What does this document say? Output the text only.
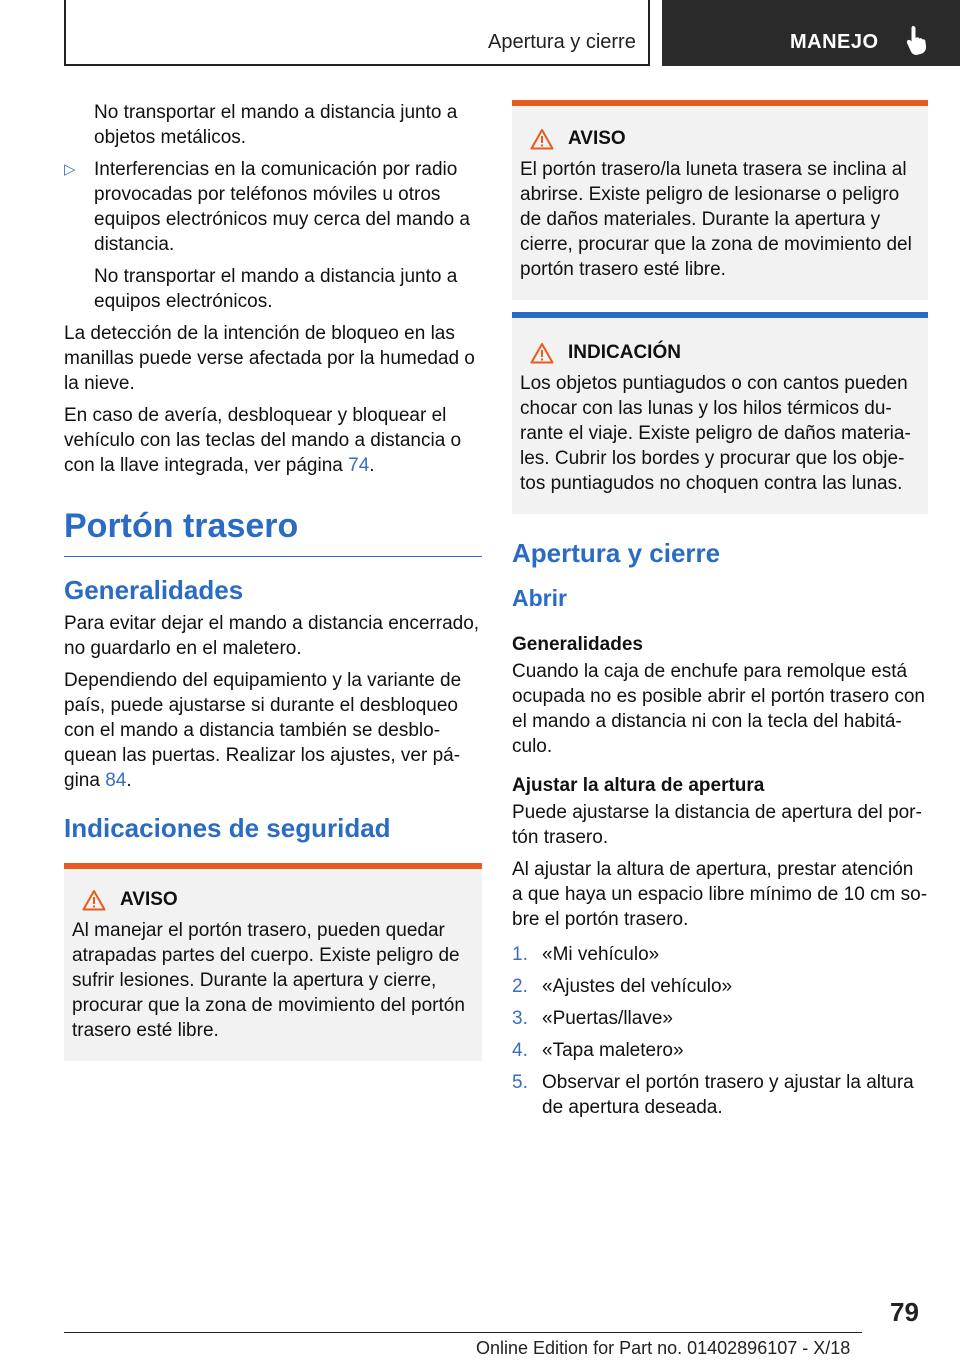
Apertura y cierre	MANEJO

No transportar el mando a distancia junto a objetos metálicos.

▷ Interferencias en la comunicación por radio provocadas por teléfonos móviles u otros equipos electrónicos muy cerca del mando a distancia.

No transportar el mando a distancia junto a equipos electrónicos.

La detección de la intención de bloqueo en las manillas puede verse afectada por la humedad o la nieve.

En caso de avería, desbloquear y bloquear el vehículo con las teclas del mando a distancia o con la llave integrada, ver página 74.

Portón trasero
Generalidades

Para evitar dejar el mando a distancia encerrado, no guardarlo en el maletero.

Dependiendo del equipamiento y la variante de país, puede ajustarse si durante el desbloqueo con el mando a distancia también se desbloquean las puertas. Realizar los ajustes, ver página 84.

Indicaciones de seguridad
AVISO

Al manejar el portón trasero, pueden quedar atrapadas partes del cuerpo. Existe peligro de sufrir lesiones. Durante la apertura y cierre, procurar que la zona de movimiento del portón trasero esté libre.

AVISO

El portón trasero/la luneta trasera se inclina al abrirse. Existe peligro de lesionarse o peligro de daños materiales. Durante la apertura y cierre, procurar que la zona de movimiento del portón trasero esté libre.

INDICACIÓN

Los objetos puntiagudos o con cantos pueden chocar con las lunas y los hilos térmicos durante el viaje. Existe peligro de daños materiales. Cubrir los bordes y procurar que los objetos puntiagudos no choquen contra las lunas.

Apertura y cierre
Abrir
Generalidades

Cuando la caja de enchufe para remolque está ocupada no es posible abrir el portón trasero con el mando a distancia ni con la tecla del habitáculo.

Ajustar la altura de apertura

Puede ajustarse la distancia de apertura del portón trasero.

Al ajustar la altura de apertura, prestar atención a que haya un espacio libre mínimo de 10 cm sobre el portón trasero.

1. «Mi vehículo»
2. «Ajustes del vehículo»
3. «Puertas/llave»
4. «Tapa maletero»
5. Observar el portón trasero y ajustar la altura de apertura deseada.
79
Online Edition for Part no. 01402896107 - X/18
